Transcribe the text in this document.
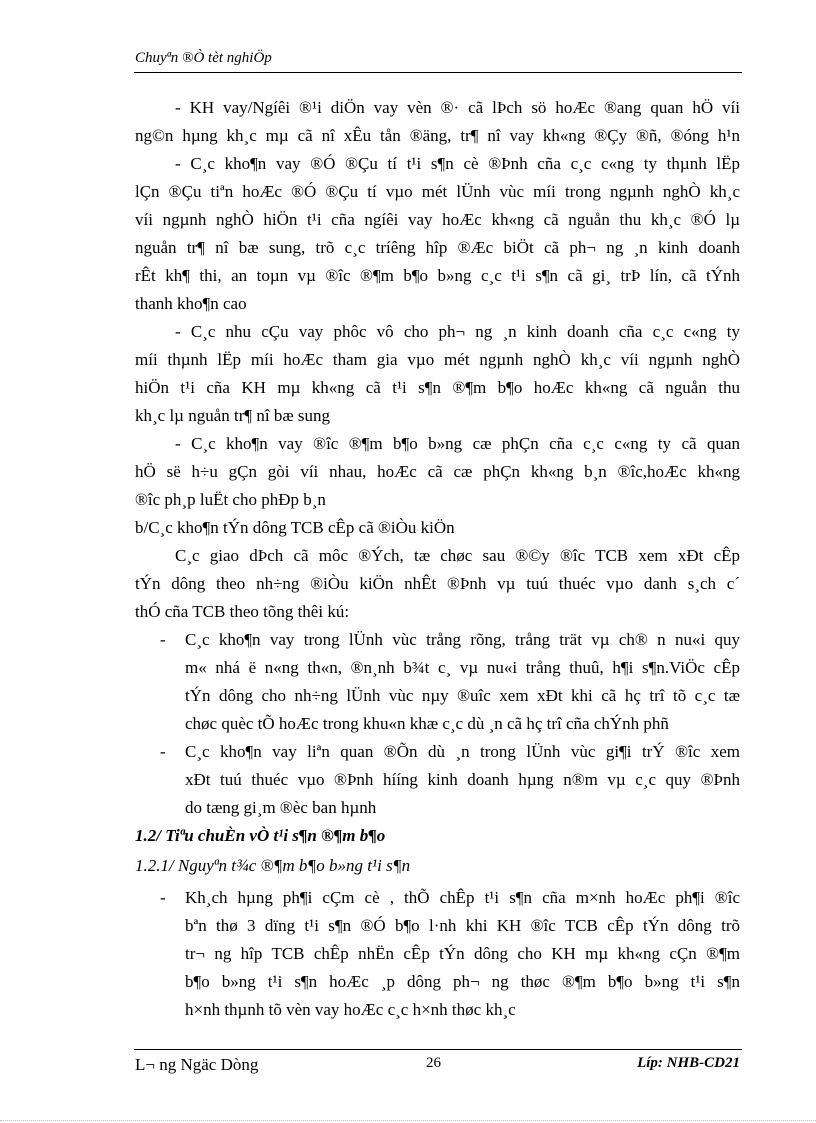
Chuyªn ®Ò tèt nghiÖp
- KH vay/Ngíêi ®¹i diÖn vay vèn ®· cã lÞch sö hoÆc ®ang quan hÖ víi
ng©n hµng kh¸c mµ cã nî xÊu tån ®äng, tr¶ nî vay kh«ng ®Çy ®ñ, ®óng h¹n
- C¸c kho¶n vay ®Ó ®Çu tí t¹i s¶n cè ®Þnh cña c¸c c«ng ty thµnh lËp
lÇn ®Çu tiªn hoÆc ®Ó ®Çu tí vµo mét lÜnh vùc míi trong ngµnh nghÒ kh¸c
víi ngµnh nghÒ hiÖn t¹i cña ngíêi vay hoÆc kh«ng cã nguån thu kh¸c ®Ó lµ
nguån tr¶ nî bæ sung, trõ c¸c tríêng hîp ®Æc biÖt cã ph¬ ng ¸n kinh doanh
rÊt kh¶ thi, an toµn vµ ®îc ®¶m b¶o b»ng c¸c t¹i s¶n cã gi¸ trÞ lín, cã tÝnh
thanh kho¶n cao
- C¸c nhu cÇu vay phôc vô cho ph¬ ng ¸n kinh doanh cña c¸c c«ng ty
míi thµnh lËp míi hoÆc tham gia vµo mét ngµnh nghÒ kh¸c víi ngµnh nghÒ
hiÖn t¹i cña KH mµ kh«ng cã t¹i s¶n ®¶m b¶o hoÆc kh«ng cã nguån thu
kh¸c lµ nguån tr¶ nî bæ sung
- C¸c kho¶n vay ®îc ®¶m b¶o b»ng cæ phÇn cña c¸c c«ng ty cã quan
hÖ së h÷u gÇn gòi víi nhau, hoÆc cã cæ phÇn kh«ng b¸n ®îc,hoÆc kh«ng
®îc ph¸p luËt cho phÐp b¸n
b/C¸c kho¶n tÝn dông TCB cÊp cã ®iÒu kiÖn
C¸c giao dÞch cã môc ®Ých, tæ chøc sau ®©y ®îc TCB xem xÐt cÊp
tÝn dông theo nh÷ng ®iÒu kiÖn nhÊt ®Þnh vµ tuú thuéc vµo danh s¸ch c´
thÓ cña TCB theo tõng thêi kú:
- C¸c kho¶n vay trong lÜnh vùc trång rõng, trång trät vµ ch® n nu«i quy
m« nhá ë n«ng th«n, ®n¸nh b¾t c¸ vµ nu«i trång thuû, h¶i s¶n.ViÖc cÊp
tÝn dông cho nh÷ng lÜnh vùc nµy ®uîc xem xÐt khi cã hç trî tõ c¸c tæ
chøc quèc tÕ hoÆc trong khu«n khæ c¸c dù ¸n cã hç trî cña chÝnh phñ
- C¸c kho¶n vay liªn quan ®Õn dù ¸n trong lÜnh vùc gi¶i trÝ ®îc xem
xÐt tuú thuéc vµo ®Þnh hííng kinh doanh hµng n®m vµ c¸c quy ®Þnh
do tæng gi¸m ®èc ban hµnh
1.2/ Tiªu chuÈn vÒ t¹i s¶n ®¶m b¶o
1.2.1/ Nguyªn t¾c ®¶m b¶o b»ng t¹i s¶n
- Kh¸ch hµng ph¶i cÇm cè , thÕ chÊp t¹i s¶n cña m×nh hoÆc ph¶i ®îc
bªn thø 3 dïng t¹i s¶n ®Ó b¶o l·nh khi KH ®îc TCB cÊp tÝn dông trõ
tr¬ ng hîp TCB chÊp nhËn cÊp tÝn dông cho KH mµ kh«ng cÇn ®¶m
b¶o b»ng t¹i s¶n hoÆc ¸p dông ph¬ ng thøc ®¶m b¶o b»ng t¹i s¶n
h×nh thµnh tõ vèn vay hoÆc c¸c h×nh thøc kh¸c
L¬ ng Ngäc Dòng	26	Líp: NHB-CD21
